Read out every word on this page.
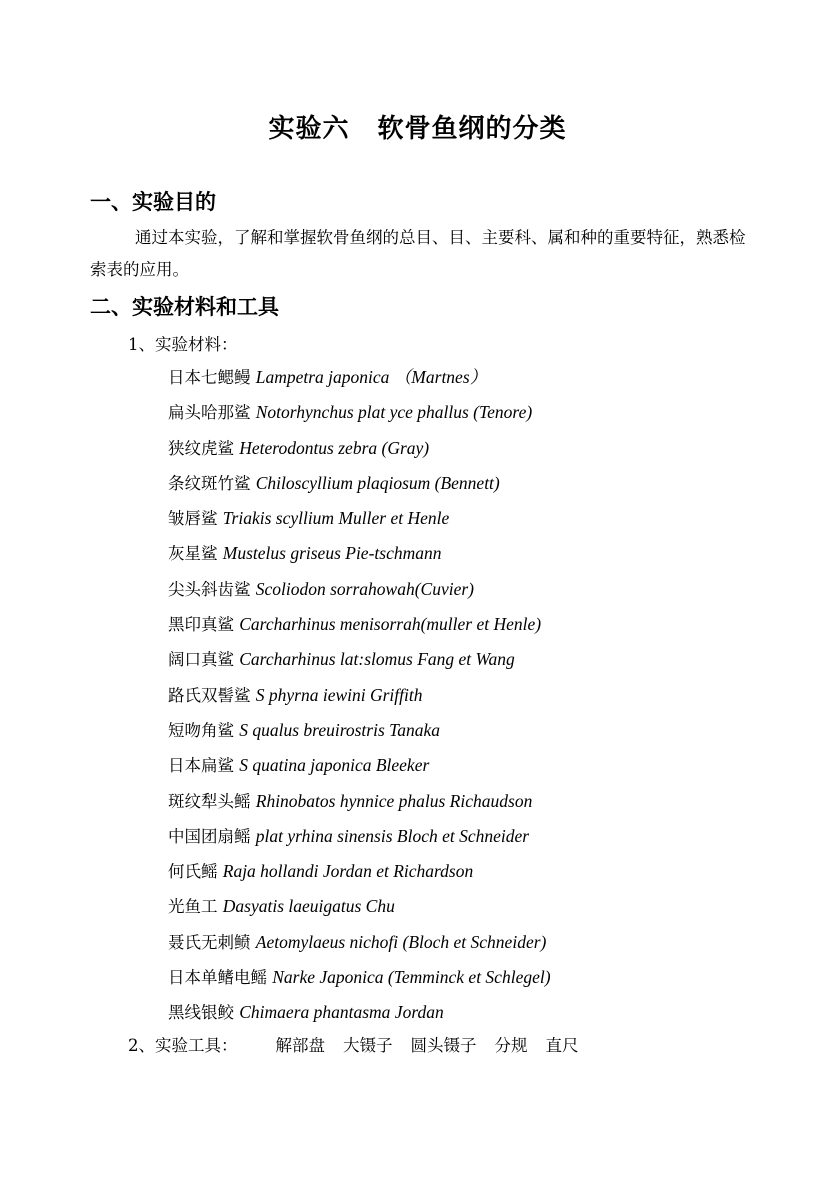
实验六 软骨鱼纲的分类
一、实验目的
通过本实验，了解和掌握软骨鱼纲的总目、目、主要科、属和种的重要特征，熟悉检索表的应用。
二、实验材料和工具
1、实验材料：
日本七鳃鳗 Lampetra japonica （Martnes）
扁头哈那鲨 Notorhynchus plat yce phallus (Tenore)
狭纹虎鲨 Heterodontus zebra (Gray)
条纹斑竹鲨 Chiloscyllium plaqiosum (Bennett)
皱唇鲨 Triakis scyllium Muller et Henle
灰星鲨 Mustelus griseus Pie-tschmann
尖头斜齿鲨 Scoliodon sorrahowah(Cuvier)
黑印真鲨 Carcharhinus menisorrah(muller et Henle)
阔口真鲨 Carcharhinus lat:slomus Fang et Wang
路氏双髻鲨 S phyrna iewini Griffith
短吻角鲨 S qualus breuirostris Tanaka
日本扁鲨 S quatina japonica Bleeker
斑纹犁头鳐 Rhinobatos hynnice phalus Richaudson
中国团扇鳐 plat yrhina sinensis Bloch et Schneider
何氏鳐 Raja hollandi Jordan et Richardson
光鱼工 Dasyatis laeuigatus Chu
聂氏无刺鲼 Aetomylaeus nichofi (Bloch et Schneider)
日本单鳍电鳐 Narke Japonica (Temminck et Schlegel)
黑线银鲛 Chimaera phantasma Jordan
2、实验工具： 解部盘 大镊子 圆头镊子 分规 直尺
